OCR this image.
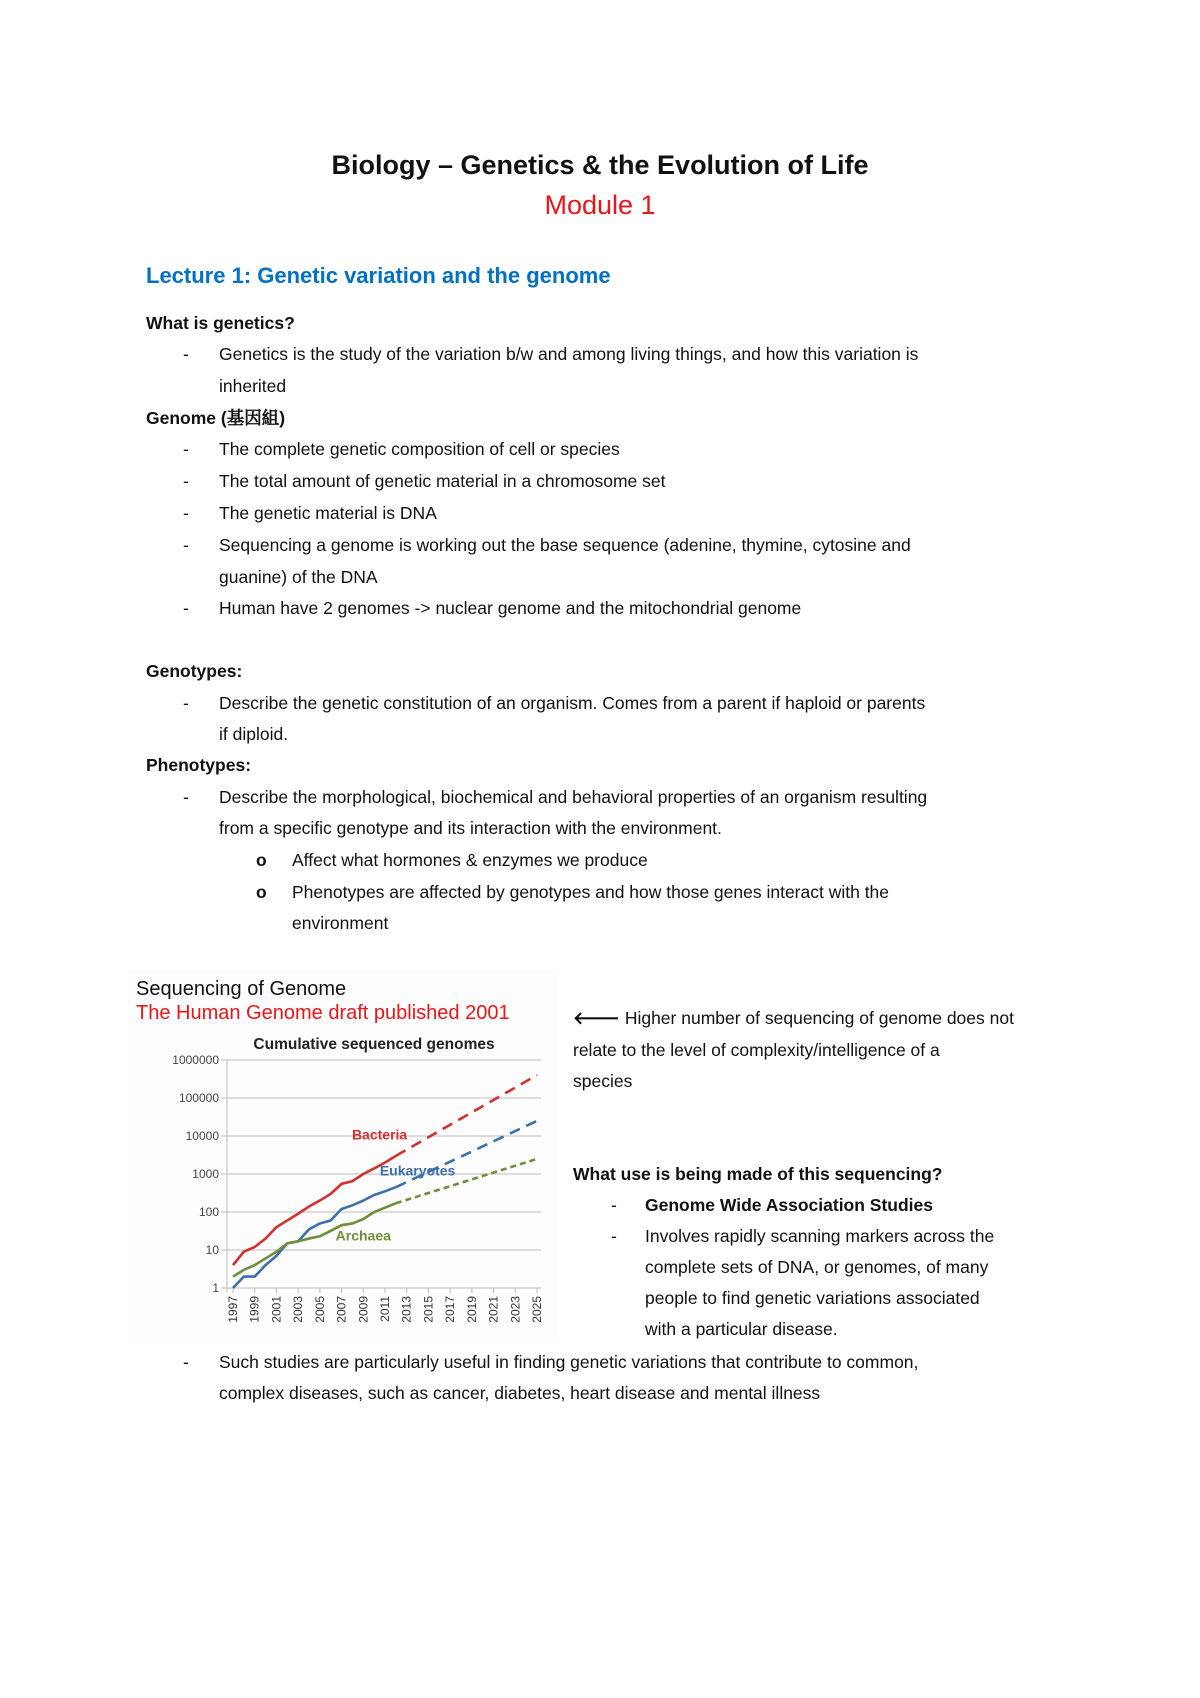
Biology – Genetics & the Evolution of Life
Module 1
Lecture 1: Genetic variation and the genome
What is genetics?
- Genetics is the study of the variation b/w and among living things, and how this variation is
inherited
Genome (基因組)
- The complete genetic composition of cell or species
- The total amount of genetic material in a chromosome set
- The genetic material is DNA
- Sequencing a genome is working out the base sequence (adenine, thymine, cytosine and
guanine) of the DNA
- Human have 2 genomes -> nuclear genome and the mitochondrial genome
Genotypes:
- Describe the genetic constitution of an organism. Comes from a parent if haploid or parents
if diploid.
Phenotypes:
- Describe the morphological, biochemical and behavioral properties of an organism resulting
from a specific genotype and its interaction with the environment.
o Affect what hormones & enzymes we produce
o Phenotypes are affected by genotypes and how those genes interact with the
environment
Sequencing of Genome
The Human Genome draft published 2001
Cumulative sequenced genomes
1
10
100
1000
10000
100000
1000000
1997 1999 2001 2003 2005 2007 2009 2011 2013 2015 2017 2019 2021 2023 2025
Bacteria
Eukaryotes
Archaea
🡐 Higher number of sequencing of genome does not
relate to the level of complexity/intelligence of a
species
What use is being made of this sequencing?
- Genome Wide Association Studies
- Involves rapidly scanning markers across the
complete sets of DNA, or genomes, of many
people to find genetic variations associated
with a particular disease.
- Such studies are particularly useful in finding genetic variations that contribute to common,
complex diseases, such as cancer, diabetes, heart disease and mental illness
